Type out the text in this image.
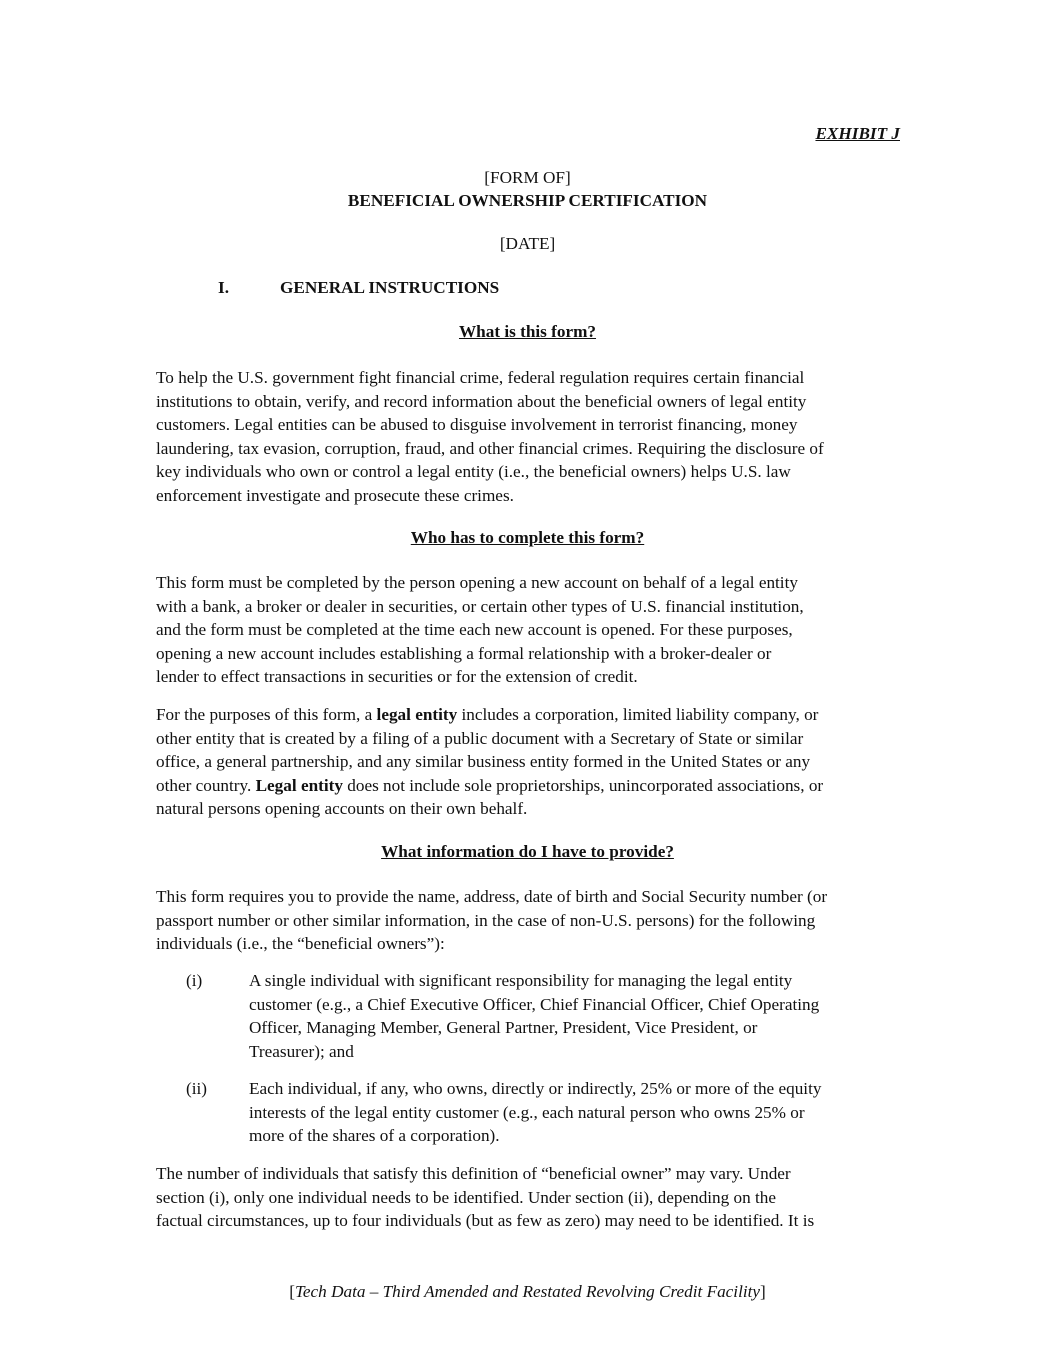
EXHIBIT J
[FORM OF]
BENEFICIAL OWNERSHIP CERTIFICATION
[DATE]
I.	GENERAL INSTRUCTIONS
What is this form?
To help the U.S. government fight financial crime, federal regulation requires certain financial
institutions to obtain, verify, and record information about the beneficial owners of legal entity
customers. Legal entities can be abused to disguise involvement in terrorist financing, money
laundering, tax evasion, corruption, fraud, and other financial crimes. Requiring the disclosure of
key individuals who own or control a legal entity (i.e., the beneficial owners) helps U.S. law
enforcement investigate and prosecute these crimes.
Who has to complete this form?
This form must be completed by the person opening a new account on behalf of a legal entity
with a bank, a broker or dealer in securities, or certain other types of U.S. financial institution,
and the form must be completed at the time each new account is opened. For these purposes,
opening a new account includes establishing a formal relationship with a broker-dealer or
lender to effect transactions in securities or for the extension of credit.
For the purposes of this form, a legal entity includes a corporation, limited liability company, or
other entity that is created by a filing of a public document with a Secretary of State or similar
office, a general partnership, and any similar business entity formed in the United States or any
other country. Legal entity does not include sole proprietorships, unincorporated associations, or
natural persons opening accounts on their own behalf.
What information do I have to provide?
This form requires you to provide the name, address, date of birth and Social Security number (or
passport number or other similar information, in the case of non-U.S. persons) for the following
individuals (i.e., the “beneficial owners”):
(i)	A single individual with significant responsibility for managing the legal entity
customer (e.g., a Chief Executive Officer, Chief Financial Officer, Chief Operating
Officer, Managing Member, General Partner, President, Vice President, or
Treasurer); and
(ii) Each individual, if any, who owns, directly or indirectly, 25% or more of the equity
interests of the legal entity customer (e.g., each natural person who owns 25% or
more of the shares of a corporation).
The number of individuals that satisfy this definition of “beneficial owner” may vary. Under
section (i), only one individual needs to be identified. Under section (ii), depending on the
factual circumstances, up to four individuals (but as few as zero) may need to be identified. It is
[Tech Data – Third Amended and Restated Revolving Credit Facility]
